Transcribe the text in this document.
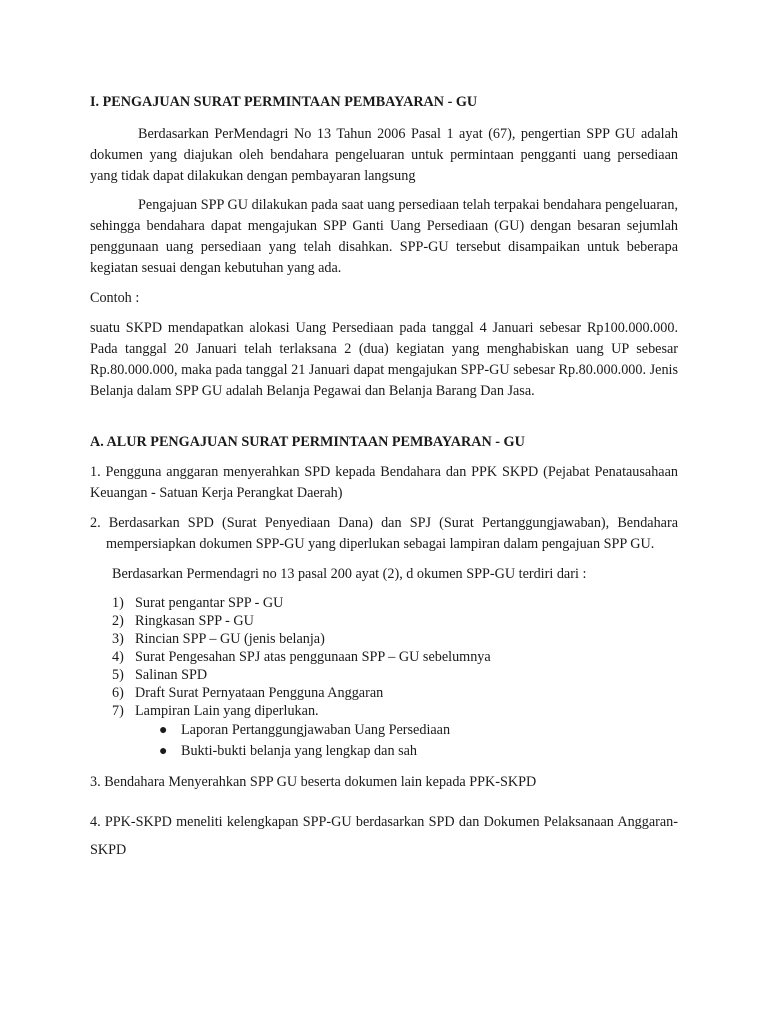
I. PENGAJUAN SURAT PERMINTAAN PEMBAYARAN - GU

Berdasarkan PerMendagri No 13 Tahun 2006 Pasal 1 ayat (67), pengertian SPP GU adalah dokumen yang diajukan oleh bendahara pengeluaran untuk permintaan pengganti uang persediaan yang tidak dapat dilakukan dengan pembayaran langsung

Pengajuan SPP GU dilakukan pada saat uang persediaan telah terpakai bendahara pengeluaran, sehingga bendahara dapat mengajukan SPP Ganti Uang Persediaan (GU) dengan besaran sejumlah penggunaan uang persediaan yang telah disahkan. SPP-GU tersebut disampaikan untuk beberapa kegiatan sesuai dengan kebutuhan yang ada.

Contoh :

suatu SKPD mendapatkan alokasi Uang Persediaan pada tanggal 4 Januari sebesar Rp100.000.000. Pada tanggal 20 Januari telah terlaksana 2 (dua) kegiatan yang menghabiskan uang UP sebesar Rp.80.000.000, maka pada tanggal 21 Januari dapat mengajukan SPP-GU sebesar Rp.80.000.000. Jenis Belanja dalam SPP GU adalah Belanja Pegawai dan Belanja Barang Dan Jasa.

A. ALUR PENGAJUAN SURAT PERMINTAAN PEMBAYARAN - GU

1. Pengguna anggaran menyerahkan SPD kepada Bendahara dan PPK SKPD (Pejabat Penatausahaan Keuangan - Satuan Kerja Perangkat Daerah)

2. Berdasarkan SPD (Surat Penyediaan Dana) dan SPJ (Surat Pertanggungjawaban), Bendahara mempersiapkan dokumen SPP-GU yang diperlukan sebagai lampiran dalam pengajuan SPP GU.

Berdasarkan Permendagri no 13 pasal 200 ayat (2), d okumen SPP-GU terdiri dari :

1) Surat pengantar SPP - GU
2) Ringkasan SPP - GU
3) Rincian SPP – GU (jenis belanja)
4) Surat Pengesahan SPJ atas penggunaan SPP – GU sebelumnya
5) Salinan SPD
6) Draft Surat Pernyataan Pengguna Anggaran
7) Lampiran Lain yang diperlukan.
● Laporan Pertanggungjawaban Uang Persediaan
● Bukti-bukti belanja yang lengkap dan sah

3. Bendahara Menyerahkan SPP GU beserta dokumen lain kepada PPK-SKPD

4. PPK-SKPD meneliti kelengkapan SPP-GU berdasarkan SPD dan Dokumen Pelaksanaan Anggaran-SKPD
